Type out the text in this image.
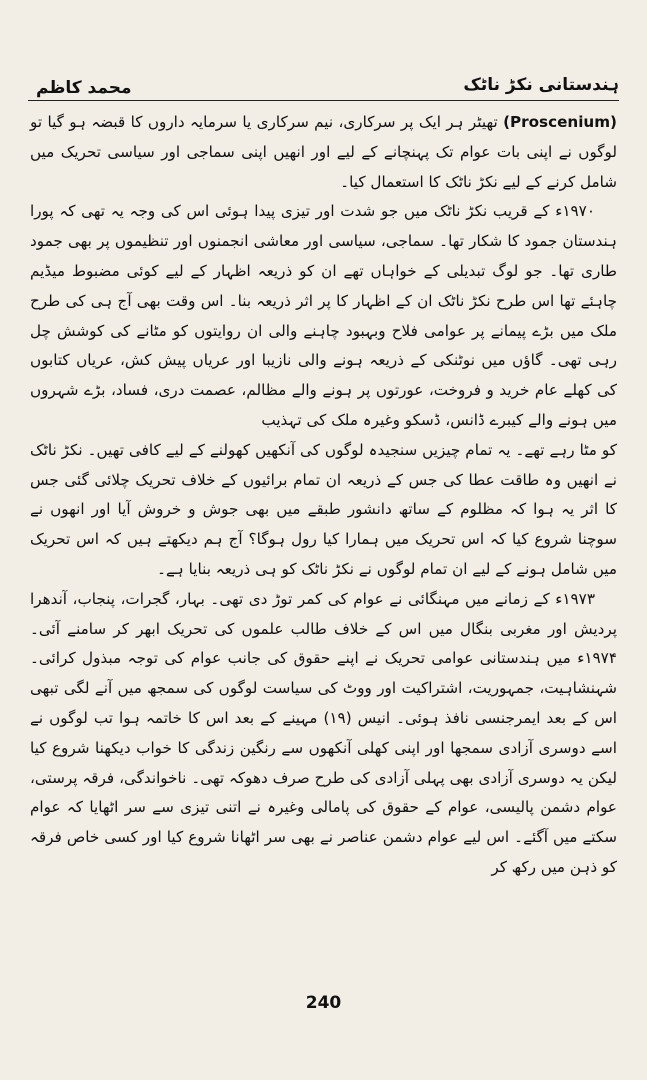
ہندستانی نکڑ ناٹک
محمد کاظم

(Proscenium) تھیٹر ہر ایک پر سرکاری، نیم سرکاری یا سرمایہ داروں کا قبضہ ہو گیا تو لوگوں نے اپنی بات عوام تک پہنچانے کے لیے اور انھیں اپنی سماجی اور سیاسی تحریک میں شامل کرنے کے لیے نکڑ ناٹک کا استعمال کیا۔

۱۹۷۰ء کے قریب نکڑ ناٹک میں جو شدت اور تیزی پیدا ہوئی اس کی وجہ یہ تھی کہ پورا ہندستان جمود کا شکار تھا۔ سماجی، سیاسی اور معاشی انجمنوں اور تنظیموں پر بھی جمود طاری تھا۔ جو لوگ تبدیلی کے خواہاں تھے ان کو ذریعہ اظہار کے لیے کوئی مضبوط میڈیم چاہئے تھا اس طرح نکڑ ناٹک ان کے اظہار کا پر اثر ذریعہ بنا۔ اس وقت بھی آج ہی کی طرح ملک میں بڑے پیمانے پر عوامی فلاح وبہبود چاہنے والی ان روایتوں کو مٹانے کی کوشش چل رہی تھی۔ گاؤں میں نوٹنکی کے ذریعہ ہونے والی نازیبا اور عریاں پیش کش، عریاں کتابوں کی کھلے عام خرید و فروخت، عورتوں پر ہونے والے مظالم، عصمت دری، فساد، بڑے شہروں میں ہونے والے کیبرے ڈانس، ڈسکو وغیرہ ملک کی تہذیب

کو مٹا رہے تھے۔ یہ تمام چیزیں سنجیدہ لوگوں کی آنکھیں کھولنے کے لیے کافی تھیں۔ نکڑ ناٹک نے انھیں وہ طاقت عطا کی جس کے ذریعہ ان تمام برائیوں کے خلاف تحریک چلائی گئی جس کا اثر یہ ہوا کہ مظلوم کے ساتھ دانشور طبقے میں بھی جوش و خروش آیا اور انھوں نے سوچنا شروع کیا کہ اس تحریک میں ہمارا کیا رول ہوگا؟ آج ہم دیکھتے ہیں کہ اس تحریک میں شامل ہونے کے لیے ان تمام لوگوں نے نکڑ ناٹک کو ہی ذریعہ بنایا ہے۔

۱۹۷۳ء کے زمانے میں مہنگائی نے عوام کی کمر توڑ دی تھی۔ بہار، گجرات، پنجاب، آندھرا پردیش اور مغربی بنگال میں اس کے خلاف طالب علموں کی تحریک ابھر کر سامنے آئی۔ ۱۹۷۴ء میں ہندستانی عوامی تحریک نے اپنے حقوق کی جانب عوام کی توجہ مبذول کرائی۔ شہنشاہیت، جمہوریت، اشتراکیت اور ووٹ کی سیاست لوگوں کی سمجھ میں آنے لگی تبھی اس کے بعد ایمرجنسی نافذ ہوئی۔ انیس (۱۹) مہینے کے بعد اس کا خاتمہ ہوا تب لوگوں نے اسے دوسری آزادی سمجھا اور اپنی کھلی آنکھوں سے رنگین زندگی کا خواب دیکھنا شروع کیا لیکن یہ دوسری آزادی بھی پہلی آزادی کی طرح صرف دھوکہ تھی۔ ناخواندگی، فرقہ پرستی، عوام دشمن پالیسی، عوام کے حقوق کی پامالی وغیرہ نے اتنی تیزی سے سر اٹھایا کہ عوام سکتے میں آگئے۔ اس لیے عوام دشمن عناصر نے بھی سر اٹھانا شروع کیا اور کسی خاص فرقہ کو ذہن میں رکھ کر

240
